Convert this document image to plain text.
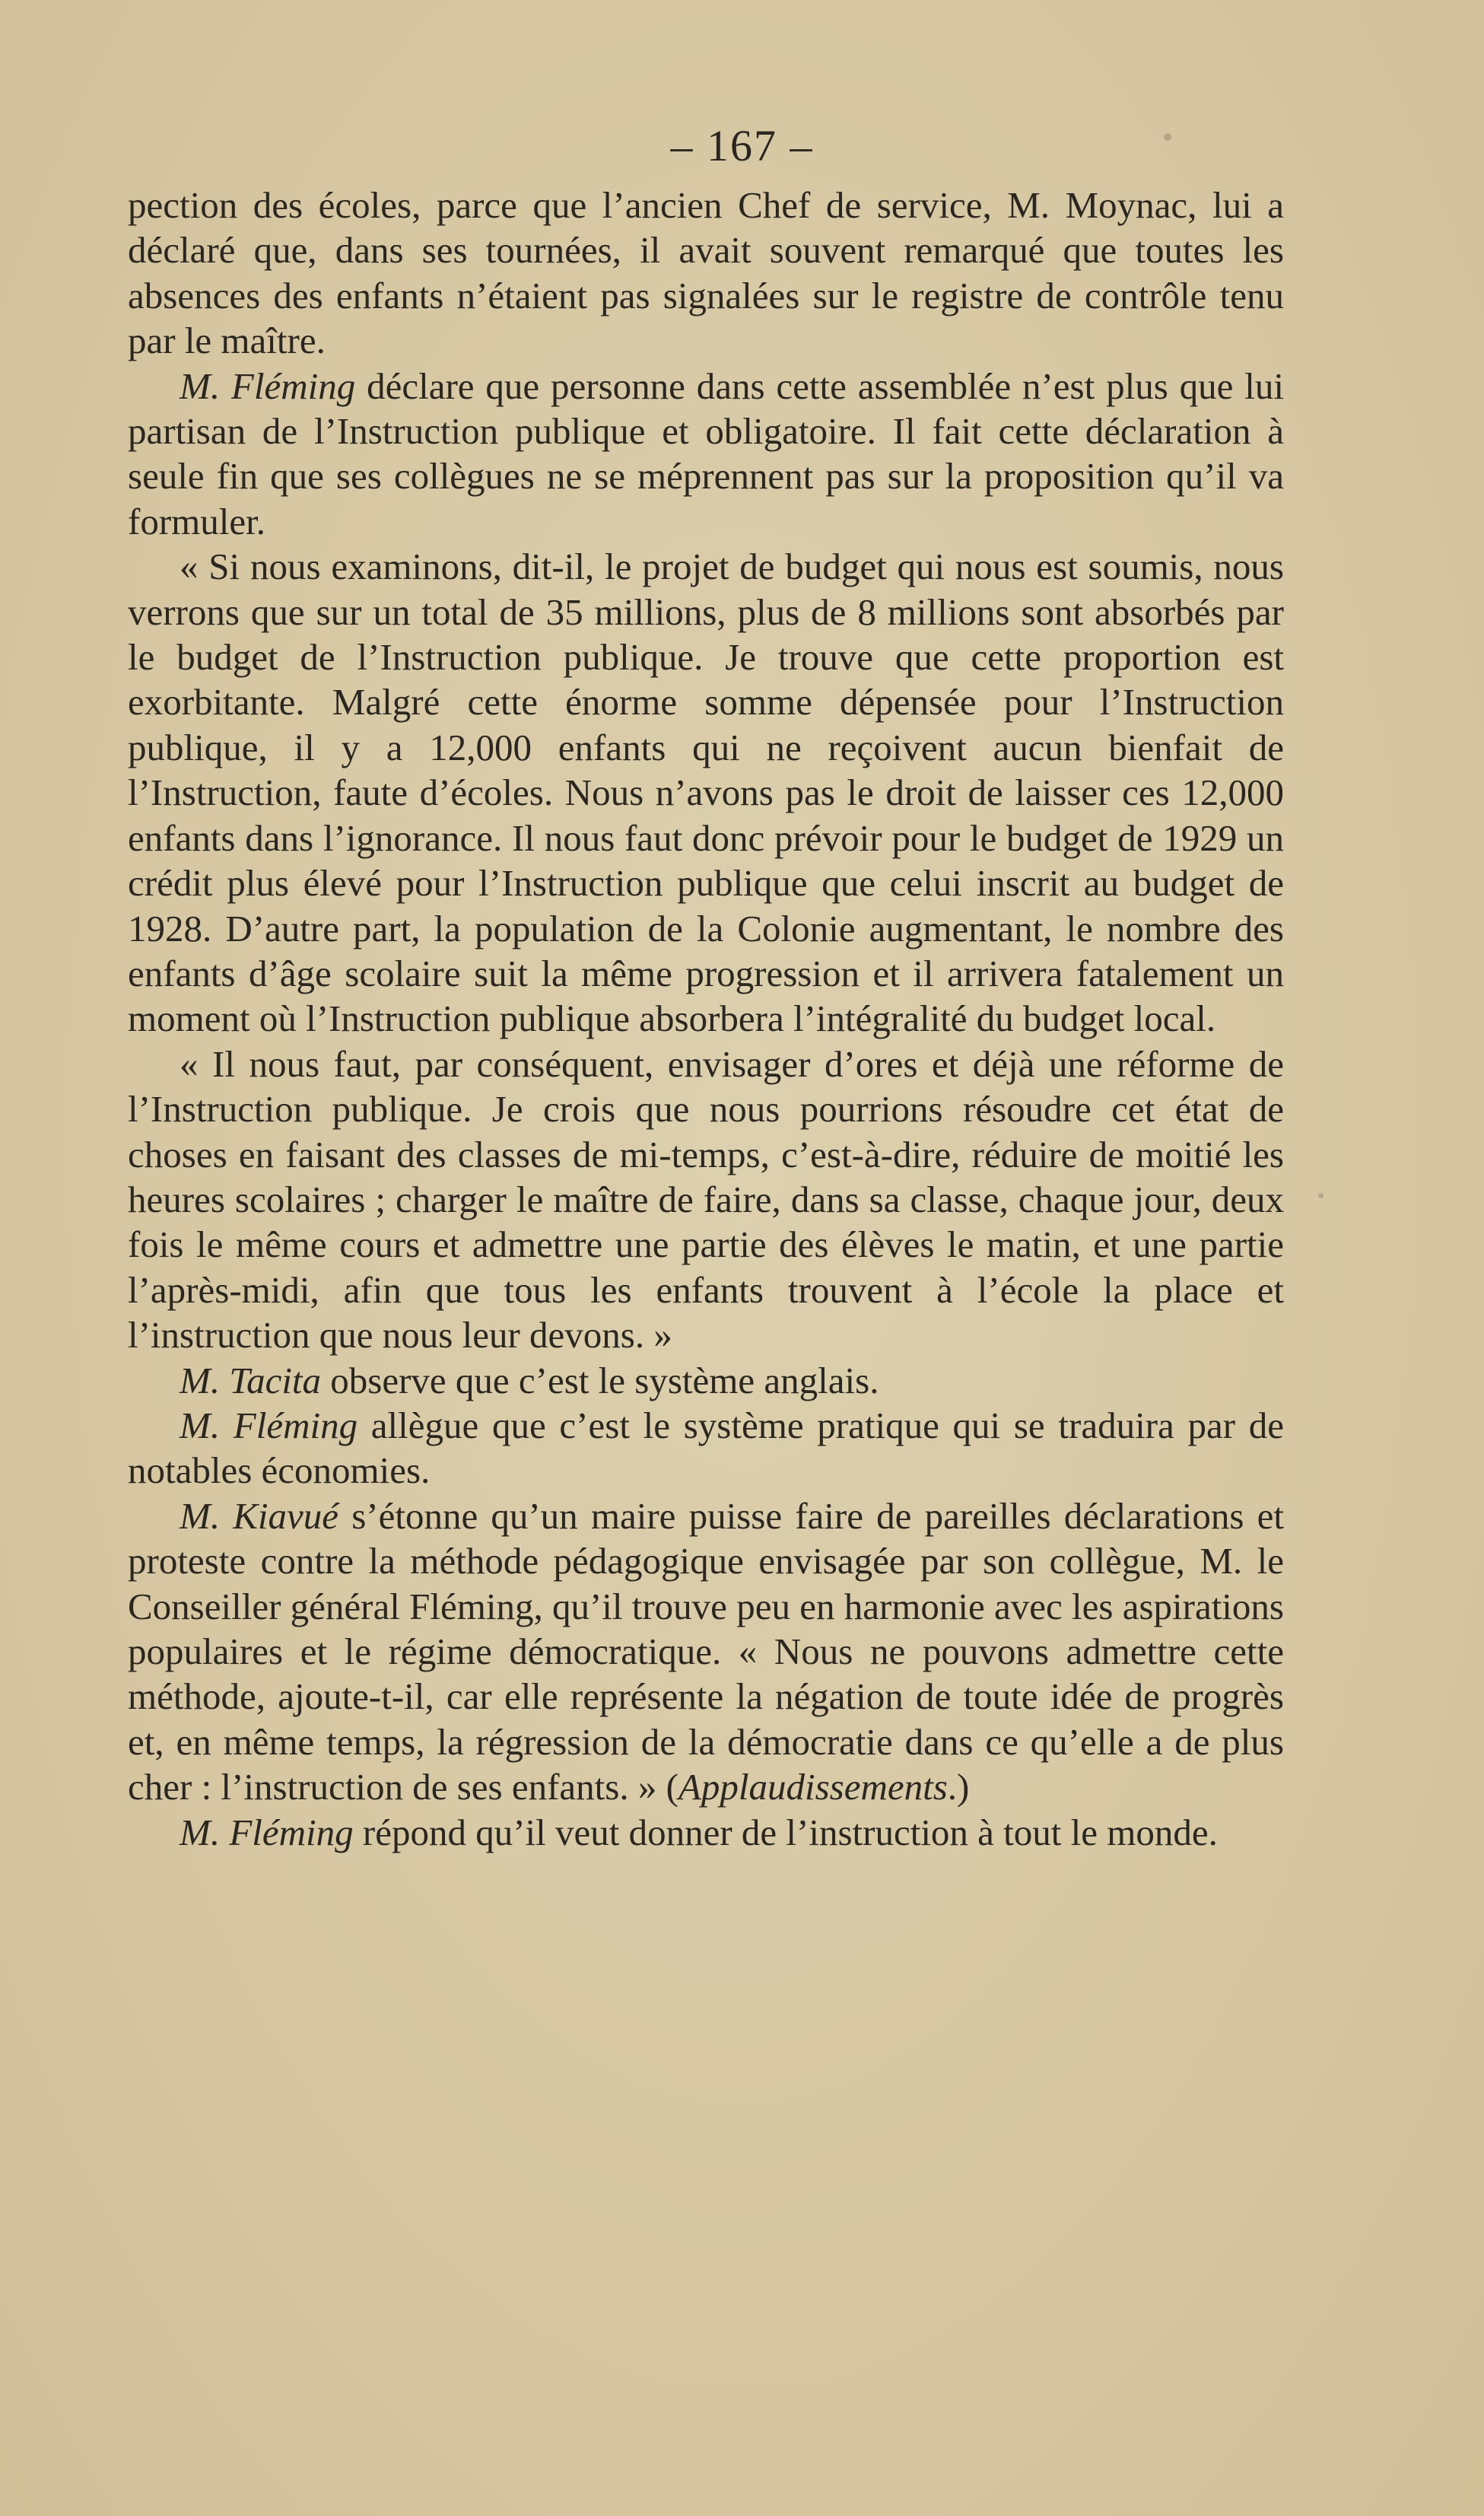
– 167 –

pection des écoles, parce que l’ancien Chef de service, M. Moynac, lui a déclaré que, dans ses tournées, il avait souvent remarqué que toutes les absences des enfants n’étaient pas signalées sur le registre de contrôle tenu par le maître.

M. Fléming déclare que personne dans cette assemblée n’est plus que lui partisan de l’Instruction publique et obligatoire. Il fait cette déclaration à seule fin que ses collègues ne se méprennent pas sur la proposition qu’il va formuler.

« Si nous examinons, dit-il, le projet de budget qui nous est soumis, nous verrons que sur un total de 35 millions, plus de 8 millions sont absorbés par le budget de l’Instruction publique. Je trouve que cette proportion est exorbitante. Malgré cette énorme somme dépensée pour l’Instruction publique, il y a 12,000 enfants qui ne reçoivent aucun bienfait de l’Instruction, faute d’écoles. Nous n’avons pas le droit de laisser ces 12,000 enfants dans l’ignorance. Il nous faut donc prévoir pour le budget de 1929 un crédit plus élevé pour l’Instruction publique que celui inscrit au budget de 1928. D’autre part, la population de la Colonie augmentant, le nombre des enfants d’âge scolaire suit la même progression et il arrivera fatalement un moment où l’Instruction publique absorbera l’intégralité du budget local.

« Il nous faut, par conséquent, envisager d’ores et déjà une réforme de l’Instruction publique. Je crois que nous pourrions résoudre cet état de choses en faisant des classes de mi-temps, c’est-à-dire, réduire de moitié les heures scolaires ; charger le maître de faire, dans sa classe, chaque jour, deux fois le même cours et admettre une partie des élèves le matin, et une partie l’après-midi, afin que tous les enfants trouvent à l’école la place et l’instruction que nous leur devons. »

M. Tacita observe que c’est le système anglais.

M. Fléming allègue que c’est le système pratique qui se traduira par de notables économies.

M. Kiavué s’étonne qu’un maire puisse faire de pareilles déclarations et proteste contre la méthode pédagogique envisagée par son collègue, M. le Conseiller général Fléming, qu’il trouve peu en harmonie avec les aspirations populaires et le régime démocratique. « Nous ne pouvons admettre cette méthode, ajoute-t-il, car elle représente la négation de toute idée de progrès et, en même temps, la régression de la démocratie dans ce qu’elle a de plus cher : l’instruction de ses enfants. » (Applaudissements.)

M. Fléming répond qu’il veut donner de l’instruction à tout le monde.
